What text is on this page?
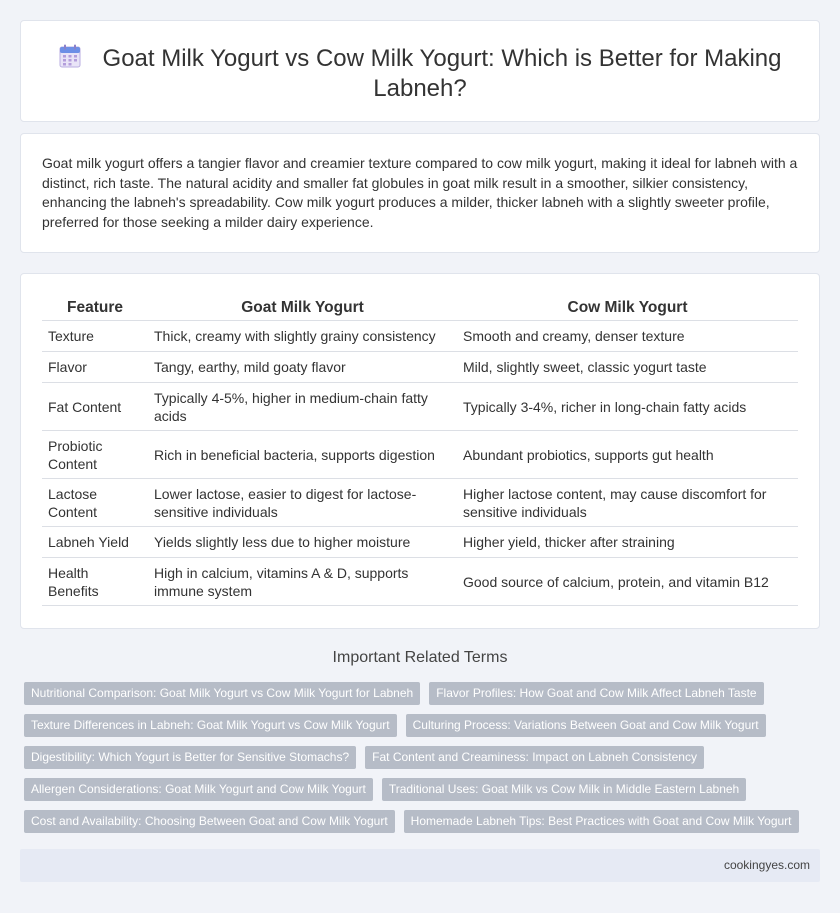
Goat Milk Yogurt vs Cow Milk Yogurt: Which is Better for Making Labneh?

Goat milk yogurt offers a tangier flavor and creamier texture compared to cow milk yogurt, making it ideal for labneh with a distinct, rich taste. The natural acidity and smaller fat globules in goat milk result in a smoother, silkier consistency, enhancing the labneh's spreadability. Cow milk yogurt produces a milder, thicker labneh with a slightly sweeter profile, preferred for those seeking a milder dairy experience.

Feature	Goat Milk Yogurt	Cow Milk Yogurt
Texture	Thick, creamy with slightly grainy consistency	Smooth and creamy, denser texture
Flavor	Tangy, earthy, mild goaty flavor	Mild, slightly sweet, classic yogurt taste
Fat Content	Typically 4-5%, higher in medium-chain fatty acids	Typically 3-4%, richer in long-chain fatty acids
Probiotic Content	Rich in beneficial bacteria, supports digestion	Abundant probiotics, supports gut health
Lactose Content	Lower lactose, easier to digest for lactose-sensitive individuals	Higher lactose content, may cause discomfort for sensitive individuals
Labneh Yield	Yields slightly less due to higher moisture	Higher yield, thicker after straining
Health Benefits	High in calcium, vitamins A & D, supports immune system	Good source of calcium, protein, and vitamin B12
Important Related Terms
Nutritional Comparison: Goat Milk Yogurt vs Cow Milk Yogurt for Labneh	Flavor Profiles: How Goat and Cow Milk Affect Labneh Taste
Texture Differences in Labneh: Goat Milk Yogurt vs Cow Milk Yogurt	Culturing Process: Variations Between Goat and Cow Milk Yogurt
Digestibility: Which Yogurt is Better for Sensitive Stomachs?	Fat Content and Creaminess: Impact on Labneh Consistency
Allergen Considerations: Goat Milk Yogurt and Cow Milk Yogurt	Traditional Uses: Goat Milk vs Cow Milk in Middle Eastern Labneh
Cost and Availability: Choosing Between Goat and Cow Milk Yogurt	Homemade Labneh Tips: Best Practices with Goat and Cow Milk Yogurt
cookingyes.com
